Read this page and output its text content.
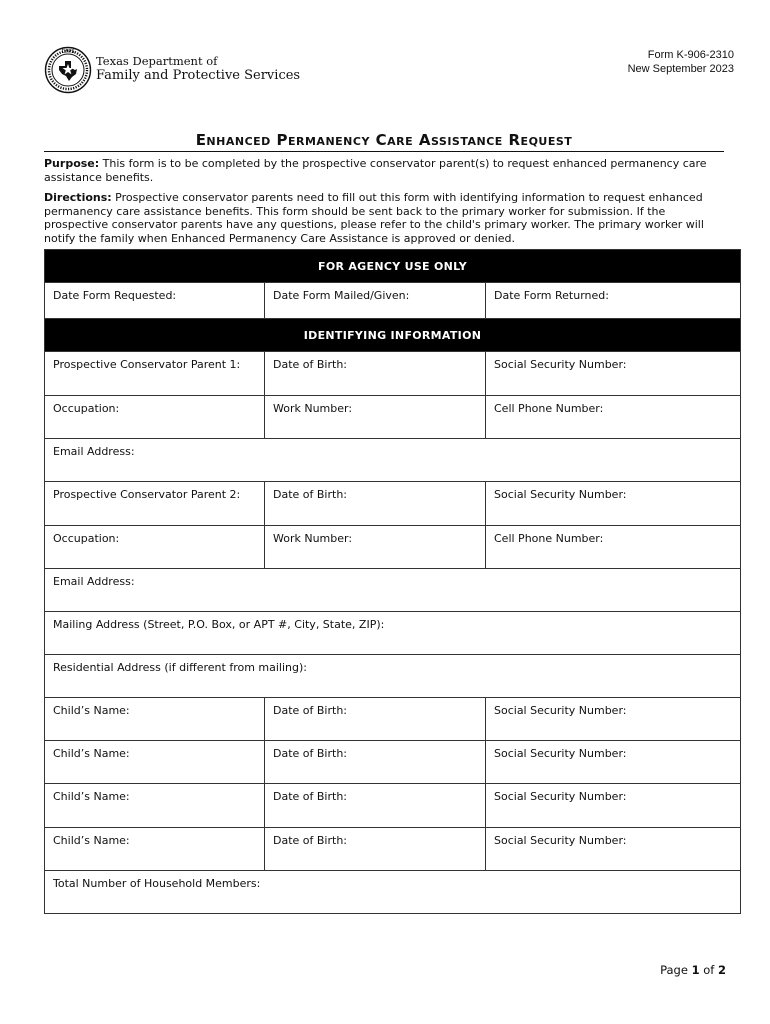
DFPS
Texas Department of
Family and Protective Services
Form K-906-2310
New September 2023
Enhanced Permanency Care Assistance Request
Purpose: This form is to be completed by the prospective conservator parent(s) to request enhanced permanency care assistance benefits.
Directions: Prospective conservator parents need to fill out this form with identifying information to request enhanced permanency care assistance benefits. This form should be sent back to the primary worker for submission. If the prospective conservator parents have any questions, please refer to the child's primary worker. The primary worker will notify the family when Enhanced Permanency Care Assistance is approved or denied.
FOR AGENCY USE ONLY		
Date Form Requested:	Date Form Mailed/Given:	Date Form Returned:
IDENTIFYING INFORMATION		
Prospective Conservator Parent 1:	Date of Birth:	Social Security Number:
Occupation:	Work Number:	Cell Phone Number:
Email Address:		
Prospective Conservator Parent 2:	Date of Birth:	Social Security Number:
Occupation:	Work Number:	Cell Phone Number:
Email Address:		
Mailing Address (Street, P.O. Box, or APT #, City, State, ZIP):		
Residential Address (if different from mailing):		
Child’s Name:	Date of Birth:	Social Security Number:
Child’s Name:	Date of Birth:	Social Security Number:
Child’s Name:	Date of Birth:	Social Security Number:
Child’s Name:	Date of Birth:	Social Security Number:
Total Number of Household Members:		
Page 1 of 2
